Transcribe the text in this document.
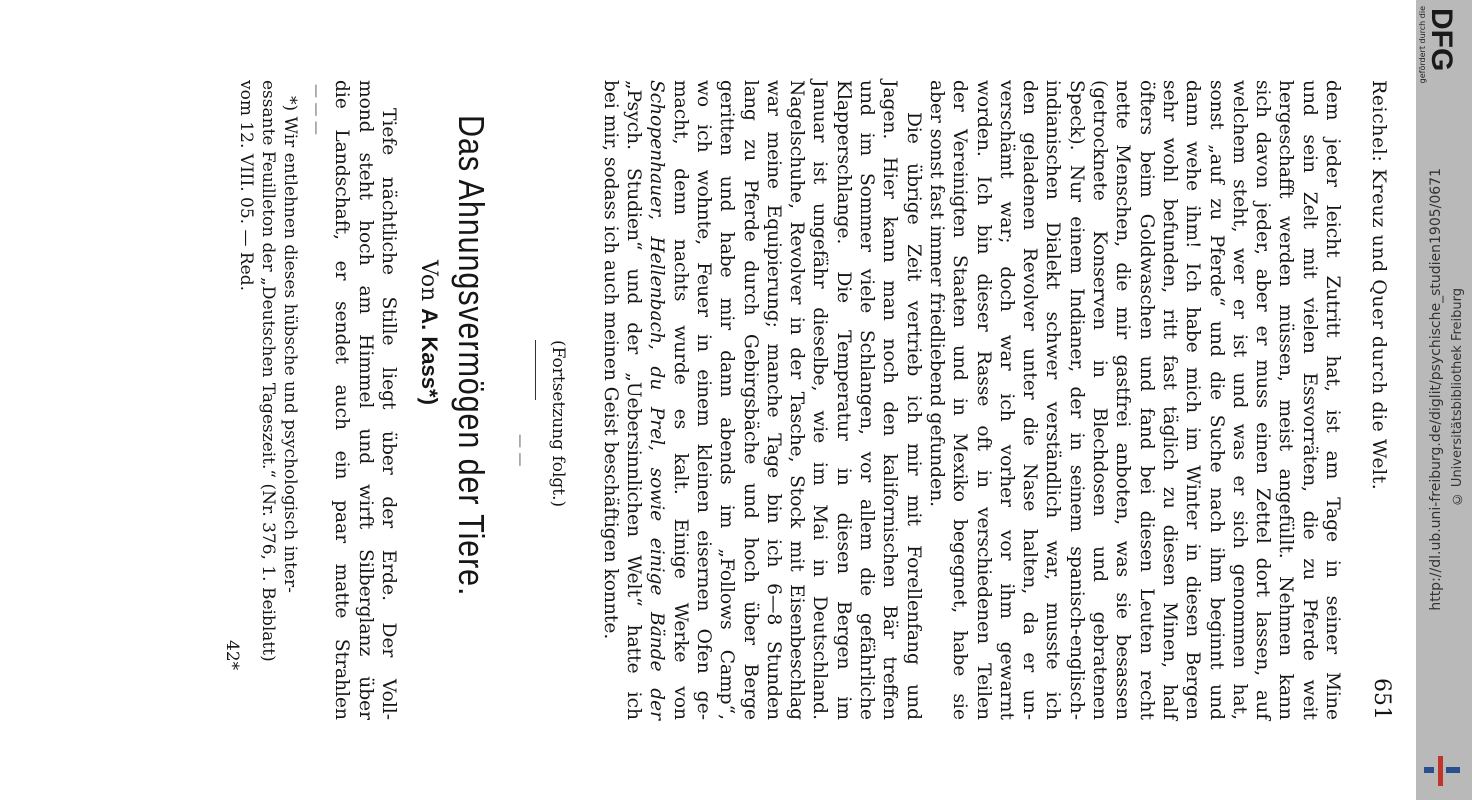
Reichel: Kreuz und Quer durch die Welt.
651
dem jeder leicht Zutritt hat, ist am Tage in seiner Mine
und sein Zelt mit vielen Essvorräten, die zu Pferde weit
hergeschafft werden müssen, meist angefüllt. Nehmen kann
sich davon jeder, aber er muss einen Zettel dort lassen, auf
welchem steht, wer er ist und was er sich genommen hat,
sonst „auf zu Pferde“ und die Suche nach ihm beginnt und
dann wehe ihm! Ich habe mich im Winter in diesen Bergen
sehr wohl befunden, ritt fast täglich zu diesen Minen, half
öfters beim Goldwaschen und fand bei diesen Leuten recht
nette Menschen, die mir gastfrei anboten, was sie besassen
(getrocknete Konserven in Blechdosen und gebratenen
Speck). Nur einem Indianer, der in seinem spanisch-englisch-
indianischen Dialekt schwer verständlich war, musste ich
den geladenen Revolver unter die Nase halten, da er un-
verschämt war; doch war ich vorher vor ihm gewarnt
worden. Ich bin dieser Rasse oft in verschiedenen Teilen
der Vereinigten Staaten und in Mexiko begegnet, habe sie
aber sonst fast immer friedliebend gefunden.
Die übrige Zeit vertrieb ich mir mit Forellenfang und
Jagen. Hier kann man noch den kalifornischen Bär treffen
und im Sommer viele Schlangen, vor allem die gefährliche
Klapperschlange. Die Temperatur in diesen Bergen im
Januar ist ungefähr dieselbe, wie im Mai in Deutschland.
Nagelschuhe, Revolver in der Tasche, Stock mit Eisenbeschlag
war meine Equipierung; manche Tage bin ich 6—8 Stunden
lang zu Pferde durch Gebirgsbäche und hoch über Berge
geritten und habe mir dann abends im „Follows Camp“,
wo ich wohnte, Feuer in einem kleinen eisernen Ofen ge-
macht, denn nachts wurde es kalt. Einige Werke von
Schopenhauer, Hellenbach, du Prel, sowie einige Bände der
„Psych. Studien“ und der „Uebersinnlichen Welt“ hatte ich
bei mir, sodass ich auch meinen Geist beschäftigen konnte.
(Fortsetzung folgt.)
— —
Das Ahnungsvermögen der Tiere.
Von A. Kass*)
Tiefe nächtliche Stille liegt über der Erde. Der Voll-
mond steht hoch am Himmel und wirft Silberglanz über
die Landschaft, er sendet auch ein paar matte Strahlen
— — —
*) Wir entlehnen dieses hübsche und psychologisch inter-
essante Feuilleton der „Deutschen Tageszeit.“ (Nr. 376, 1. Beiblatt)
vom 12. VIII. 05. — Red.
42*
DFG
gefördert durch die
http://dl.ub.uni-freiburg.de/diglit/psychische_studien1905/0671 © Universitätsbibliothek Freiburg
